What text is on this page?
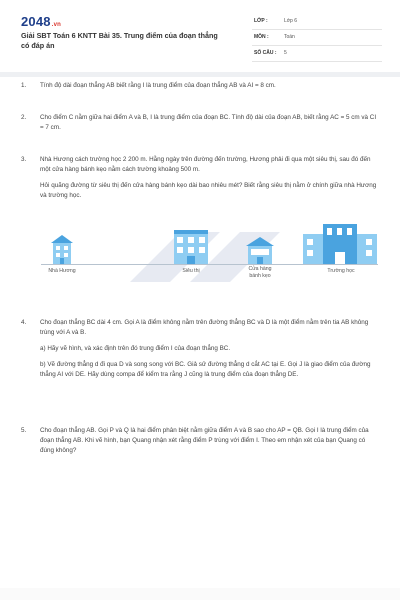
2048.vn
Giải SBT Toán 6 KNTT Bài 35. Trung điểm của đoạn thẳng có đáp án
LỚP :	Lớp 6
MÔN :	Toán
SỐ CÂU : 5
1.	Tính độ dài đoạn thẳng AB biết rằng I là trung điểm của đoạn thẳng AB và AI = 8 cm.

2.	Cho điểm C nằm giữa hai điểm A và B, I là trung điểm của đoạn BC. Tính độ dài của đoạn AB, biết rằng AC = 5 cm và CI = 7 cm.

3.	Nhà Hương cách trường học 2 200 m. Hằng ngày trên đường đến trường, Hương phải đi qua một siêu thị, sau đó đến một cửa hàng bánh kẹo nằm cách trường khoảng 500 m.

Hỏi quãng đường từ siêu thị đến cửa hàng bánh kẹo dài bao nhiêu mét? Biết rằng siêu thị nằm ở chính giữa nhà Hương và trường học.

Nhà Hương	Siêu thị	Cửa hàng
bánh kẹo
Trường học
4.	Cho đoạn thẳng BC dài 4 cm. Gọi A là điểm không nằm trên đường thẳng BC và D là một điểm nằm trên tia AB không trùng với A và B.

a) Hãy vẽ hình, và xác định trên đó trung điểm I của đoạn thẳng BC.

b) Vẽ đường thẳng d đi qua D và song song với BC. Giả sử đường thẳng d cắt AC tại E. Gọi J là giao điểm của đường thẳng AI với DE. Hãy dùng compa để kiểm tra rằng J cũng là trung điểm của đoạn thẳng DE.

5.	Cho đoạn thẳng AB. Gọi P và Q là hai điểm phân biệt nằm giữa điểm A và B sao cho AP = QB. Gọi I là trung điểm của đoạn thẳng AB. Khi vẽ hình, bạn Quang nhận xét rằng điểm P trùng với điểm I. Theo em nhận xét của bạn Quang có đúng không?
